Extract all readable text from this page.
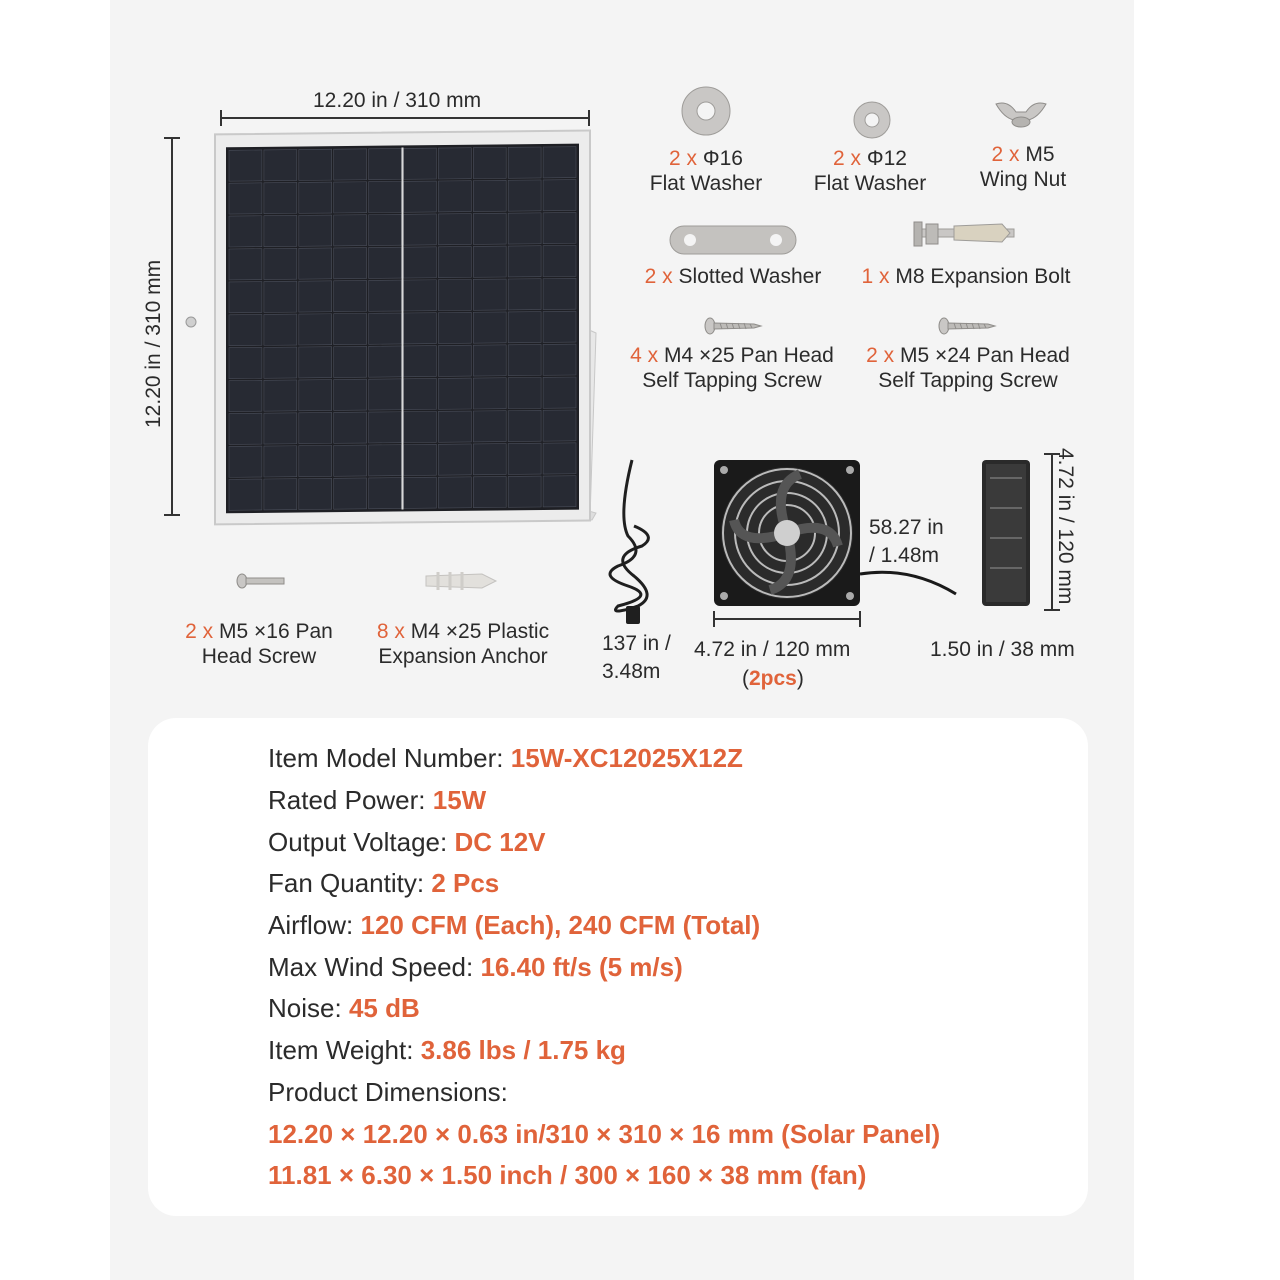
12.20 in / 310 mm
12.20 in / 310 mm
2 x Φ16
Flat Washer
2 x Φ12
Flat Washer
2 x M5
Wing Nut
2 x Slotted Washer	1 x M8 Expansion Bolt
4 x M4 ×25 Pan Head
Self Tapping Screw
2 x M5 ×24 Pan Head
Self Tapping Screw
2 x M5 ×16 Pan
Head Screw
8 x M4 ×25 Plastic
Expansion Anchor
137 in /
3.48m
58.27 in
/ 1.48m
4.72 in / 120 mm
(2pcs)
4.72 in / 120 mm
1.50 in / 38 mm
Item Model Number: 15W-XC12025X12Z
Rated Power: 15W
Output Voltage: DC 12V
Fan Quantity: 2 Pcs
Airflow: 120 CFM (Each), 240 CFM (Total)
Max Wind Speed: 16.40 ft/s (5 m/s)
Noise: 45 dB
Item Weight: 3.86 lbs / 1.75 kg
Product Dimensions:
12.20 × 12.20 × 0.63 in/310 × 310 × 16 mm (Solar Panel)
11.81 × 6.30 × 1.50 inch / 300 × 160 × 38 mm (fan)
